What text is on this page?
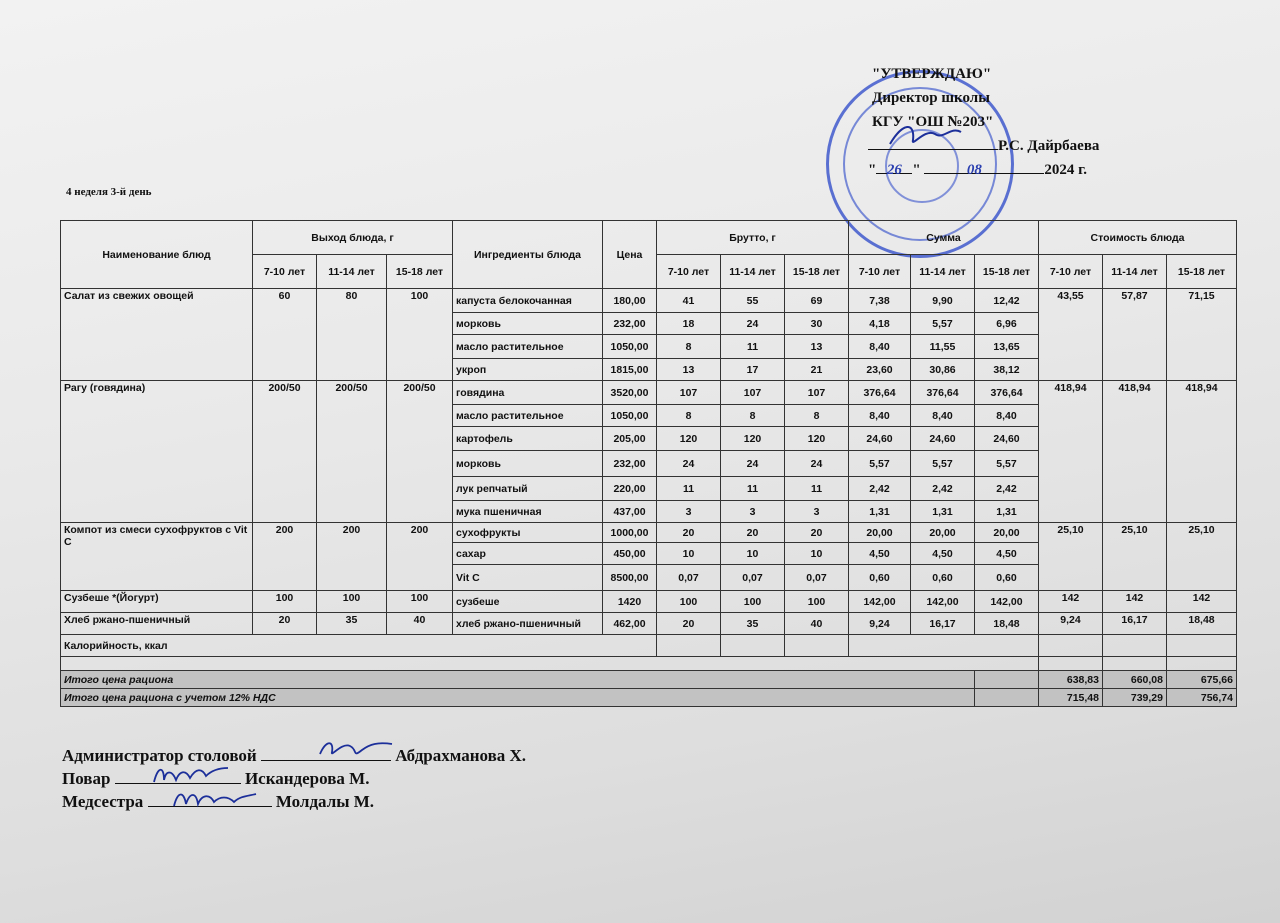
"УТВЕРЖДАЮ"
Директор школы
КГУ "ОШ №203"
Р.С. Дайрбаева
" 26 "	08	2024 г.
4 неделя 3-й день
Наименование блюд	Выход блюда, г			Ингредиенты блюда	Цена	Брутто, г			Сумма			Стоимость блюда		
	7-10 лет	11-14 лет	15-18 лет			7-10 лет	11-14 лет	15-18 лет	7-10 лет	11-14 лет	15-18 лет	7-10 лет	11-14 лет	15-18 лет
Салат из свежих овощей	60	80	100	капуста белокочанная	180,00	41	55	69	7,38	9,90	12,42	43,55	57,87	71,15
				морковь	232,00	18	24	30	4,18	5,57	6,96			
				масло растительное	1050,00	8	11	13	8,40	11,55	13,65			
				укроп	1815,00	13	17	21	23,60	30,86	38,12			
Рагу (говядина)	200/50	200/50	200/50	говядина	3520,00	107	107	107	376,64	376,64	376,64	418,94	418,94	418,94
				масло растительное	1050,00	8	8	8	8,40	8,40	8,40			
				картофель	205,00	120	120	120	24,60	24,60	24,60			
				морковь	232,00	24	24	24	5,57	5,57	5,57			
				лук репчатый	220,00	11	11	11	2,42	2,42	2,42			
				мука пшеничная	437,00	3	3	3	1,31	1,31	1,31			
Компот из смеси сухофруктов с Vit C	200	200	200	сухофрукты	1000,00	20	20	20	20,00	20,00	20,00	25,10	25,10	25,10
				сахар	450,00	10	10	10	4,50	4,50	4,50			
				Vit C	8500,00	0,07	0,07	0,07	0,60	0,60	0,60			
Сузбеше *(Йогурт)	100	100	100	сузбеше	1420	100	100	100	142,00	142,00	142,00	142	142	142
Хлеб ржано-пшеничный	20	35	40	хлеб ржано-пшеничный	462,00	20	35	40	9,24	16,17	18,48	9,24	16,17	18,48
Калорийность, ккал														

Итого цена рациона												638,83	660,08	675,66
Итого цена рациона с учетом 12% НДС												715,48	739,29	756,74
Администратор столовой	Абдрахманова Х.
Повар	Искандерова М.
Медсестра	Молдалы М.
